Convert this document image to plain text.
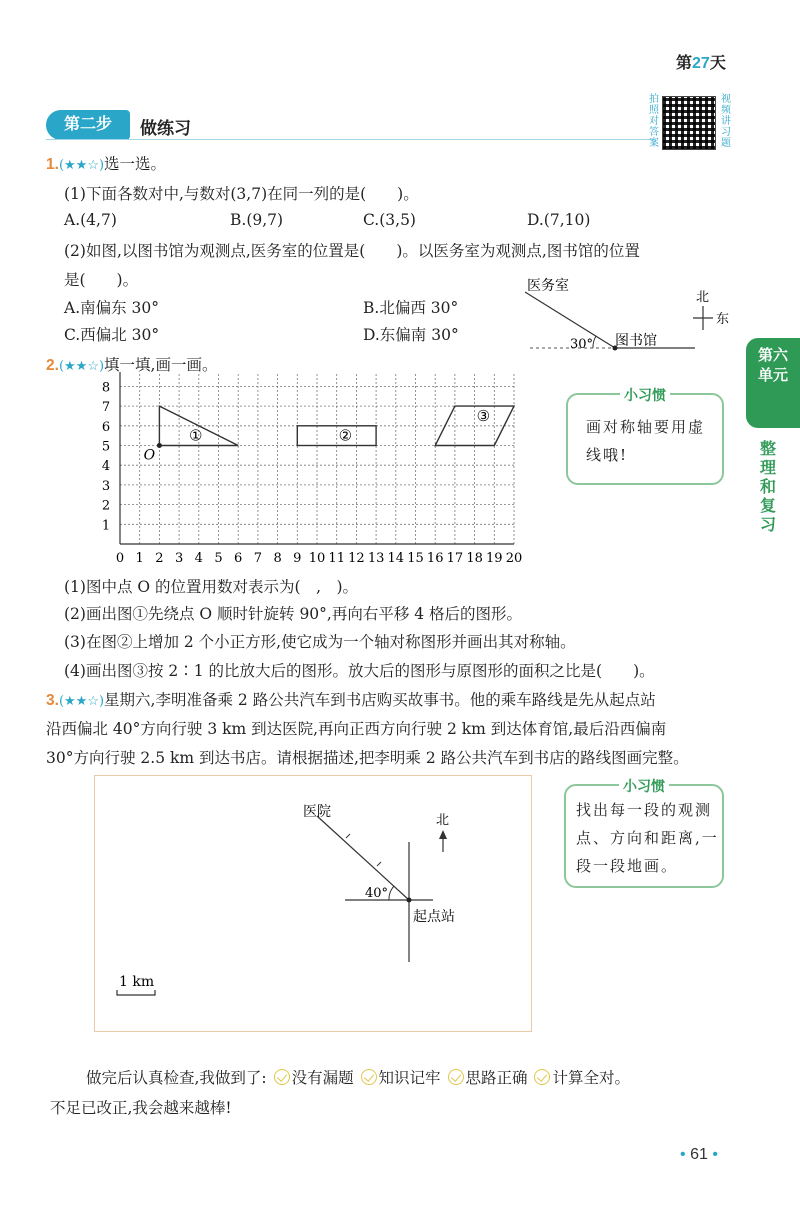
第27天
第二步	做练习
拍照对答案
视频讲习题
第六单元
整理和复习
1.(★★☆)选一选。
(1)下面各数对中,与数对(3,7)在同一列的是(　　)。
A.(4,7)	B.(9,7)	C.(3,5)	D.(7,10)
(2)如图,以图书馆为观测点,医务室的位置是(　　)。以医务室为观测点,图书馆的位置
是(　　)。
A.南偏东 30°	B.北偏西 30°
C.西偏北 30°	D.东偏南 30°
医务室
图书馆
30°
北
东
2.(★★☆)填一填,画一画。
0 1 2 3 4 5 6 7 8 9 10 11 12 13 14 15 16 17 18 19 20
1
2
3
4
5
6
7
8
O
①	②
③
小习惯
画对称轴要用虚
线哦!
(1)图中点 O 的位置用数对表示为(　,　)。
(2)画出图①先绕点 O 顺时针旋转 90°,再向右平移 4 格后的图形。
(3)在图②上增加 2 个小正方形,使它成为一个轴对称图形并画出其对称轴。
(4)画出图③按 2∶1 的比放大后的图形。放大后的图形与原图形的面积之比是(　　)。
3.(★★☆)星期六,李明准备乘 2 路公共汽车到书店购买故事书。他的乘车路线是先从起点站
沿西偏北 40°方向行驶 3 km 到达医院,再向正西方向行驶 2 km 到达体育馆,最后沿西偏南
30°方向行驶 2.5 km 到达书店。请根据描述,把李明乘 2 路公共汽车到书店的路线图画完整。
医院
北
40°
起点站
1 km
小习惯
找出每一段的观测
点、方向和距离,一
段一段地画。
做完后认真检查,我做到了: 没有漏题 知识记牢 思路正确 计算全对。
不足已改正,我会越来越棒!
• 61 •
